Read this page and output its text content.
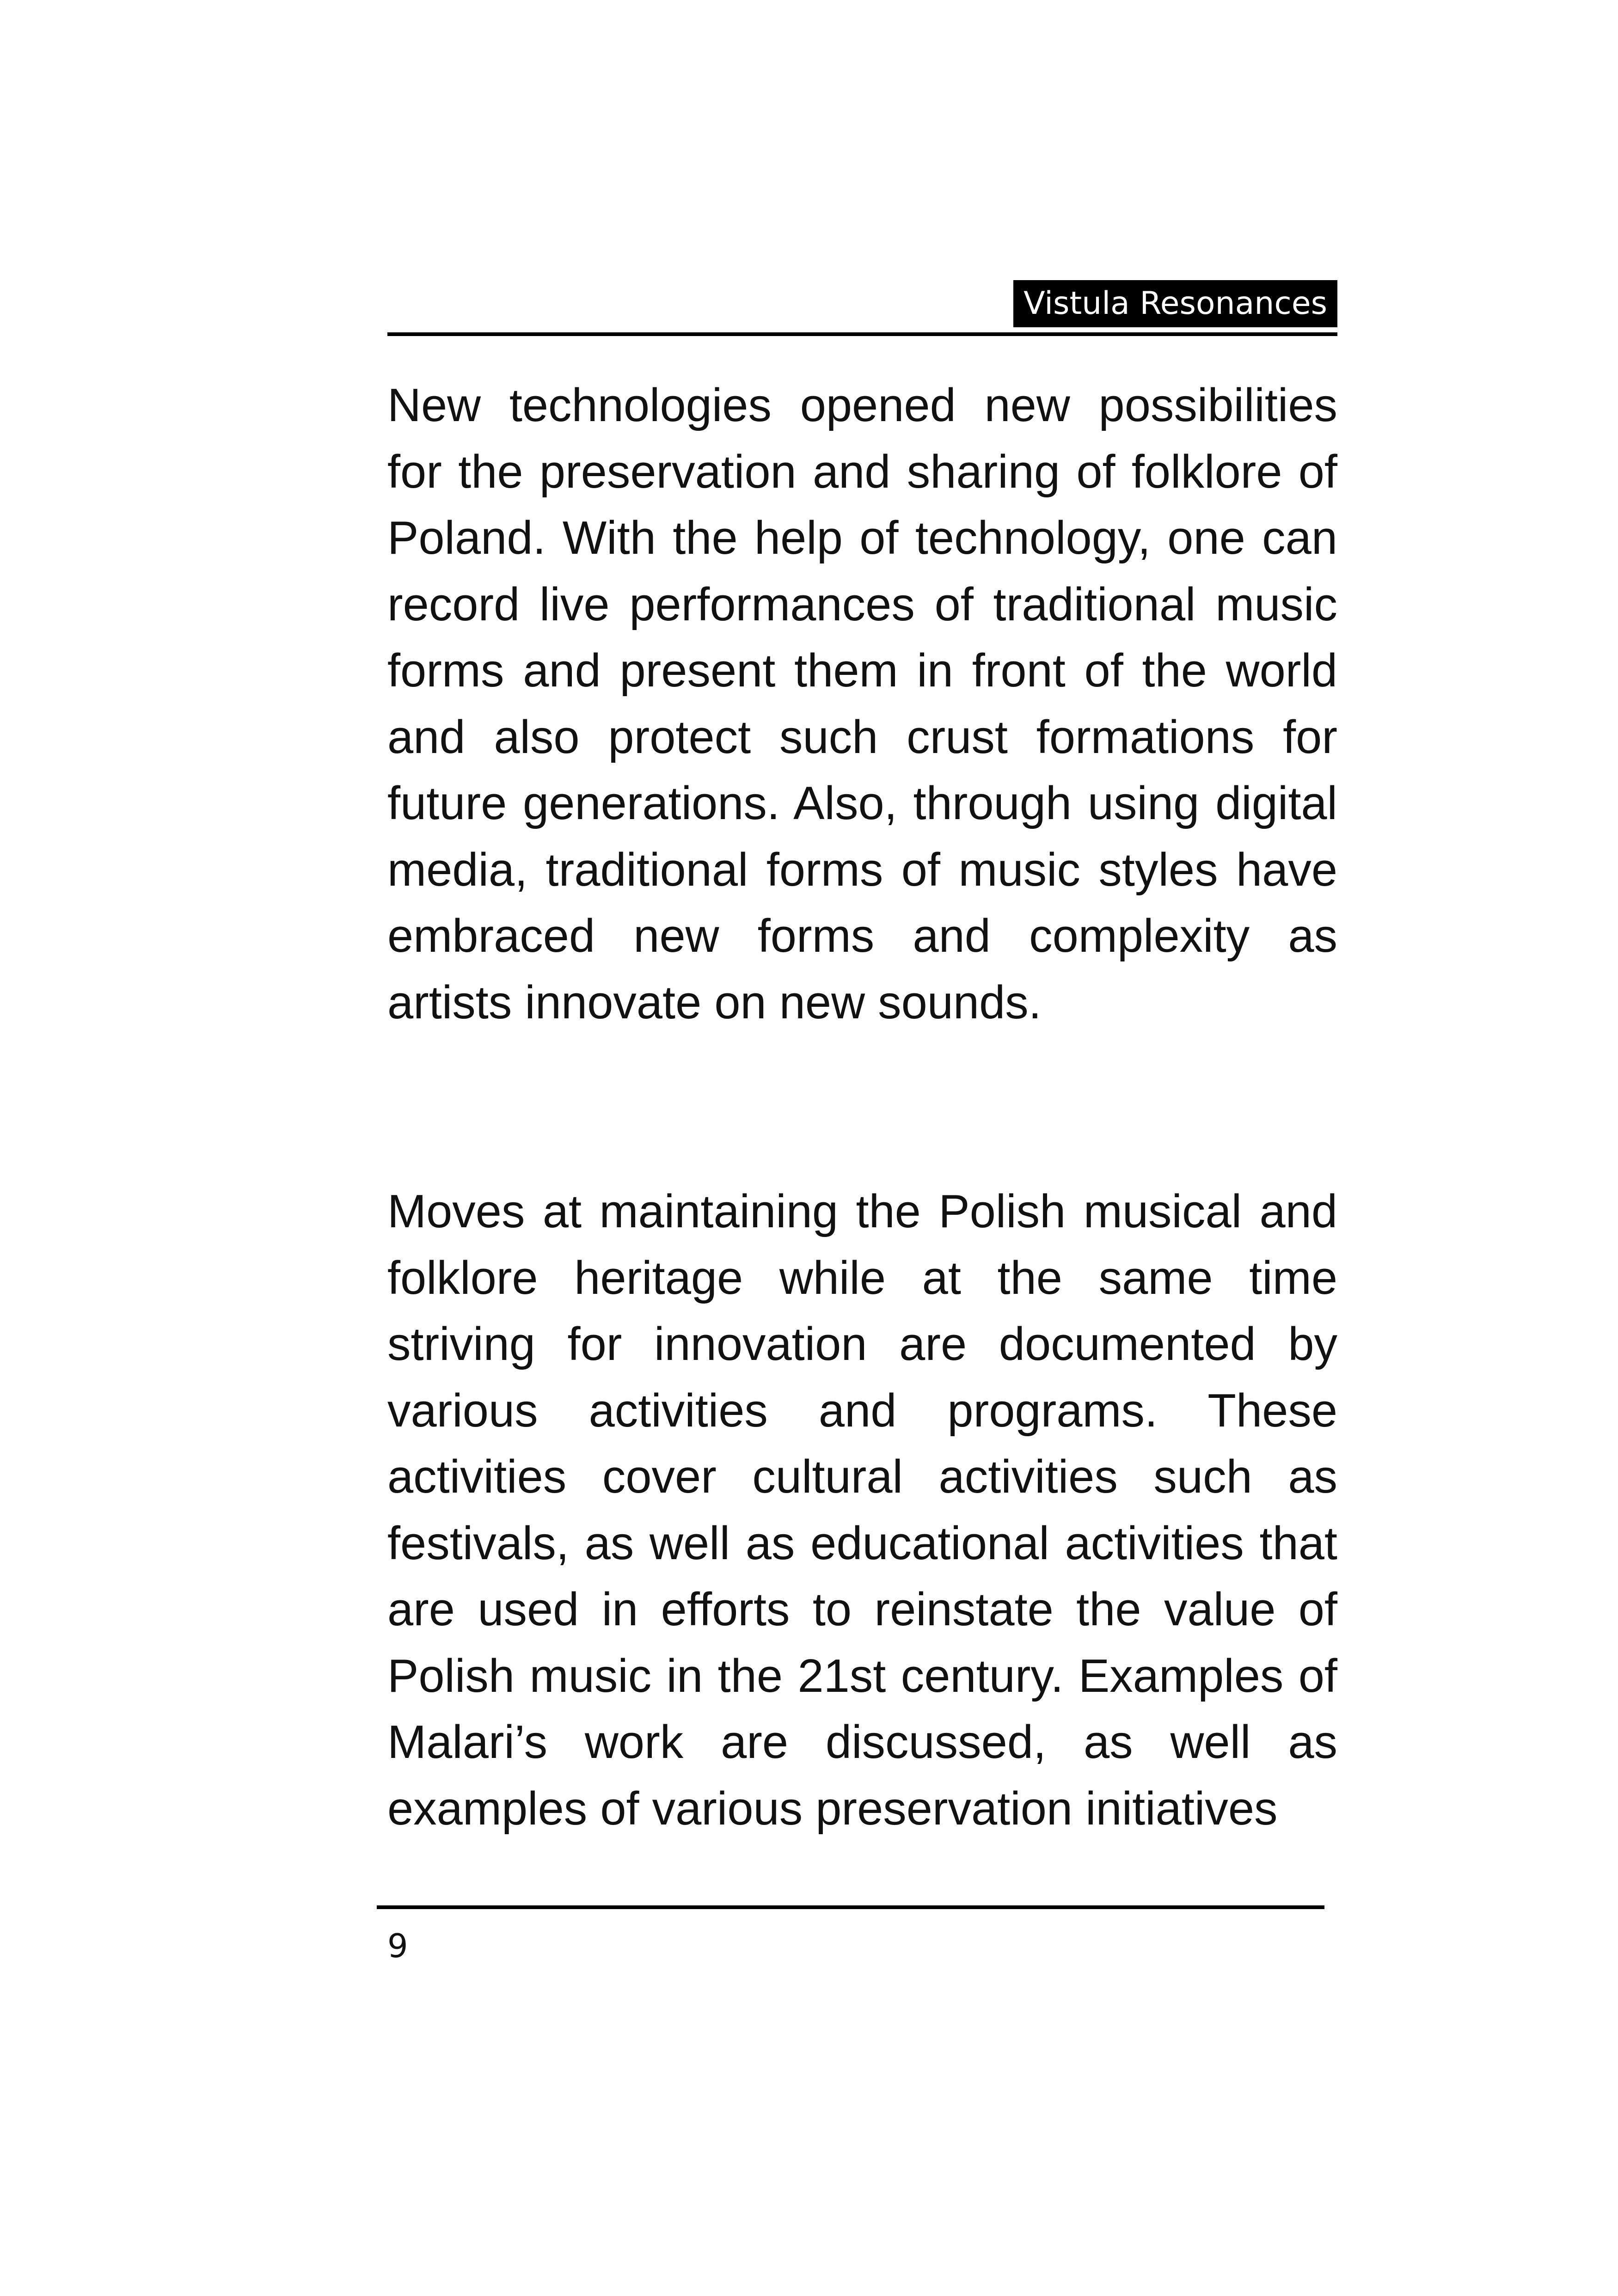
Vistula Resonances

New technologies opened new possibilities for the preservation and sharing of folklore of Poland. With the help of technology, one can record live performances of traditional music forms and present them in front of the world and also protect such crust formations for future generations. Also, through using digital media, traditional forms of music styles have embraced new forms and complexity as artists innovate on new sounds.

Moves at maintaining the Polish musical and folklore heritage while at the same time striving for innovation are documented by various activities and programs. These activities cover cultural activities such as festivals, as well as educational activities that are used in efforts to reinstate the value of Polish music in the 21st century. Examples of Malari’s work are discussed, as well as examples of various preservation initiatives

9
